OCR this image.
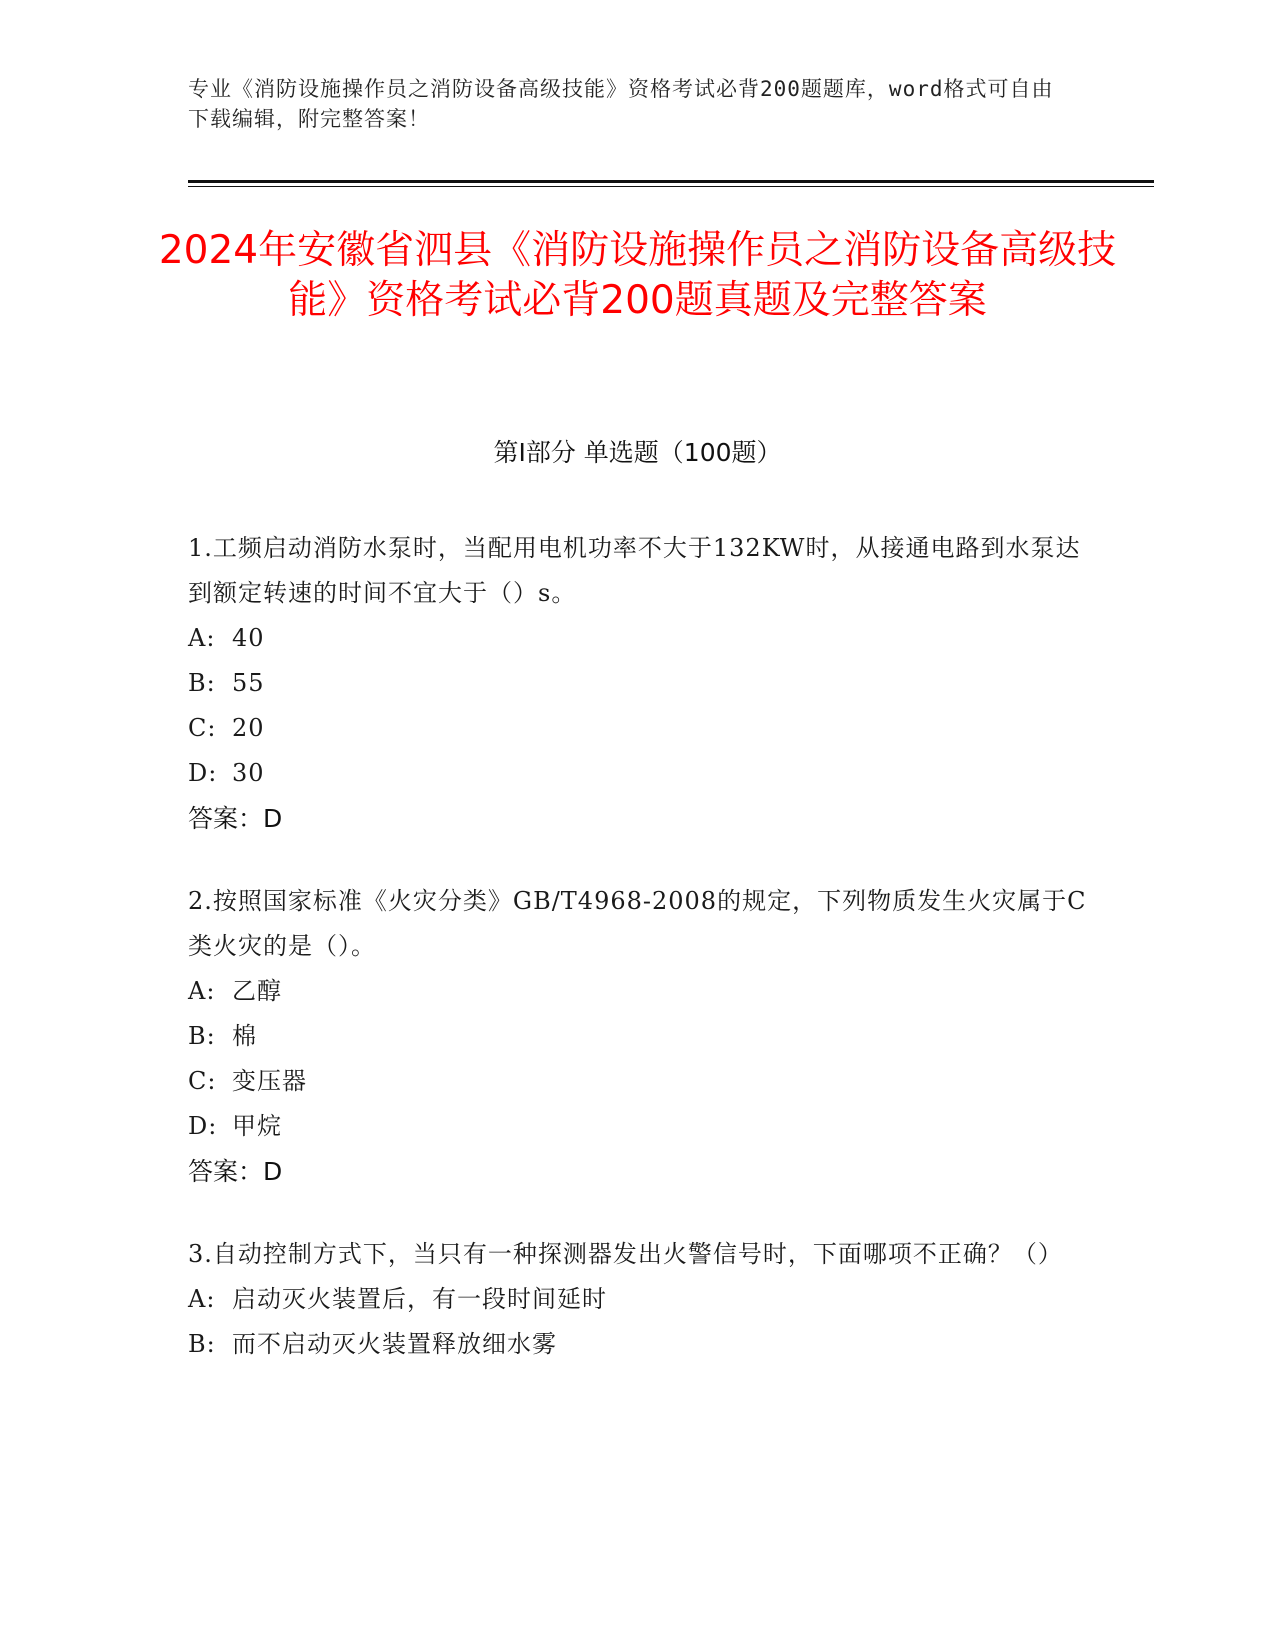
专业《消防设施操作员之消防设备高级技能》资格考试必背200题题库，word格式可自由下载编辑，附完整答案！
2024年安徽省泗县《消防设施操作员之消防设备高级技能》资格考试必背200题真题及完整答案
第I部分 单选题（100题）

1.工频启动消防水泵时，当配用电机功率不大于132KW时，从接通电路到水泵达到额定转速的时间不宜大于（）s。

A: 40
B: 55
C: 20
D: 30
答案：D

2.按照国家标准《火灾分类》GB/T4968-2008的规定，下列物质发生火灾属于C类火灾的是（）。

A: 乙醇
B: 棉
C: 变压器
D: 甲烷
答案：D

3.自动控制方式下，当只有一种探测器发出火警信号时，下面哪项不正确？（）

A: 启动灭火装置后，有一段时间延时
B: 而不启动灭火装置释放细水雾
